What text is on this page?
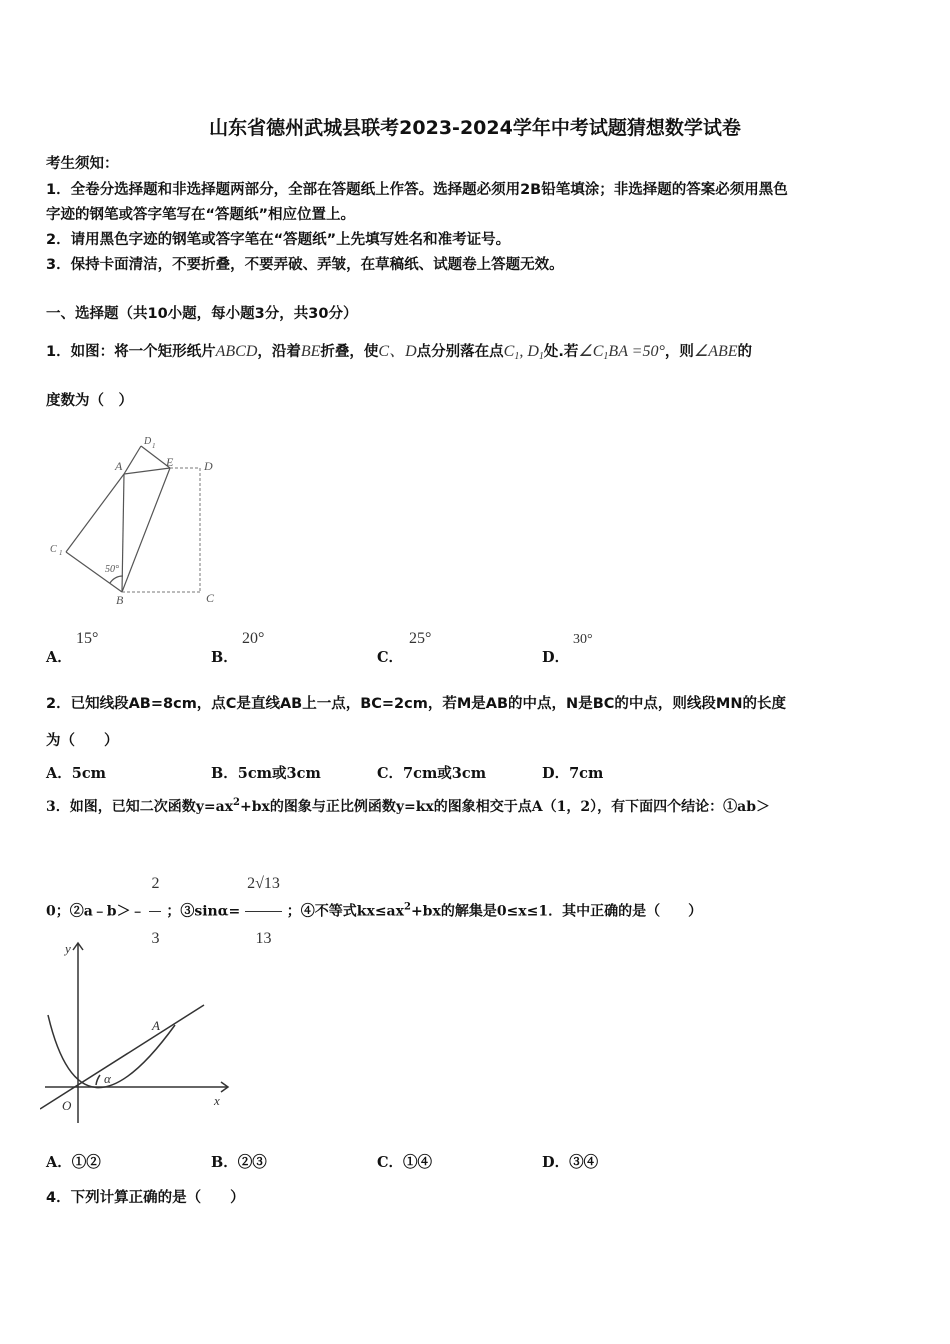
山东省德州武城县联考2023-2024学年中考试题猜想数学试卷
考生须知：
1．全卷分选择题和非选择题两部分，全部在答题纸上作答。选择题必须用2B铅笔填涂；非选择题的答案必须用黑色
字迹的钢笔或答字笔写在“答题纸”相应位置上。
2．请用黑色字迹的钢笔或答字笔在“答题纸”上先填写姓名和准考证号。
3．保持卡面清洁，不要折叠，不要弄破、弄皱，在草稿纸、试题卷上答题无效。
一、选择题（共10小题，每小题3分，共30分）
1．如图：将一个矩形纸片ABCD，沿着BE折叠，使C、D点分别落在点$C_1$, $D_1$处.若$\angle C_1BA =50^\circ$，则∠ABE的
度数为（　）
A
D 1
E	D
C 1
50°
B	C
A．
15°
B．
20°
C．
25°
D．
30°
2．已知线段AB=8cm，点C是直线AB上一点，BC=2cm，若M是AB的中点，N是BC的中点，则线段MN的长度
为（　　）
A．5cm	B．5cm或3cm	C．7cm或3cm	D．7cm
3．如图，已知二次函数$y=ax^2+bx$的图象与正比例函数y=kx的图象相交于点A（1，2），有下面四个结论：①ab＞
0；②a﹣b＞﹣ $\frac{2}{3}$ ；③sinα= $\frac{2√13}{13}$ ；④不等式$kx\le ax^2+bx$的解集是0≤x≤1．其中正确的是（　　）
y
x
O
A
α
A．①②	B．②③	C．①④	D．③④
4．下列计算正确的是（　　）
